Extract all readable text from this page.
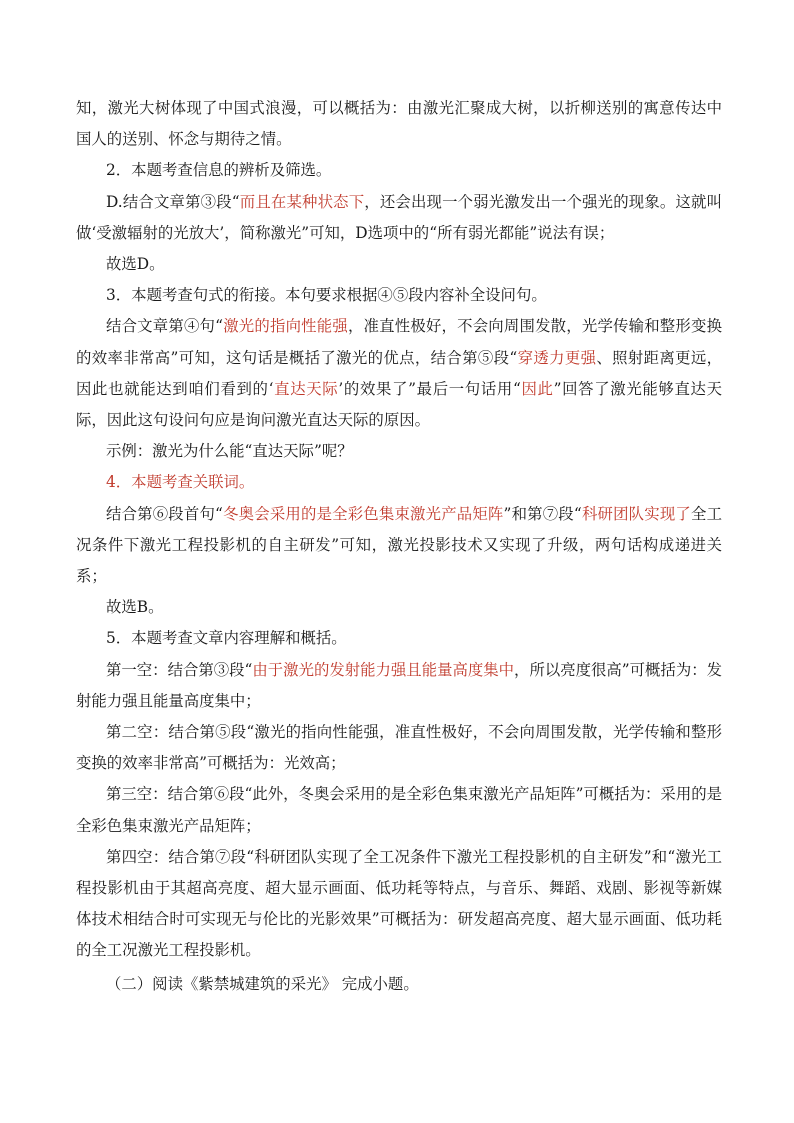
知，激光大树体现了中国式浪漫，可以概括为：由激光汇聚成大树，以折柳送别的寓意传达中国人的送别、怀念与期待之情。

2．本题考查信息的辨析及筛选。

D.结合文章第③段“而且在某种状态下，还会出现一个弱光激发出一个强光的现象。这就叫做‘受激辐射的光放大’，简称激光”可知，D选项中的“所有弱光都能”说法有误；

故选D。

3．本题考查句式的衔接。本句要求根据④⑤段内容补全设问句。

结合文章第④句“激光的指向性能强，准直性极好，不会向周围发散，光学传输和整形变换的效率非常高”可知，这句话是概括了激光的优点，结合第⑤段“穿透力更强、照射距离更远，因此也就能达到咱们看到的‘直达天际’的效果了”最后一句话用“因此”回答了激光能够直达天际，因此这句设问句应是询问激光直达天际的原因。

示例：激光为什么能“直达天际”呢？

4．本题考查关联词。

结合第⑥段首句“冬奥会采用的是全彩色集束激光产品矩阵”和第⑦段“科研团队实现了全工况条件下激光工程投影机的自主研发”可知，激光投影技术又实现了升级，两句话构成递进关系；

故选B。

5．本题考查文章内容理解和概括。

第一空：结合第③段“由于激光的发射能力强且能量高度集中，所以亮度很高”可概括为：发射能力强且能量高度集中；

第二空：结合第⑤段“激光的指向性能强，准直性极好，不会向周围发散，光学传输和整形变换的效率非常高”可概括为：光效高；

第三空：结合第⑥段“此外，冬奥会采用的是全彩色集束激光产品矩阵”可概括为：采用的是全彩色集束激光产品矩阵；

第四空：结合第⑦段“科研团队实现了全工况条件下激光工程投影机的自主研发”和“激光工程投影机由于其超高亮度、超大显示画面、低功耗等特点，与音乐、舞蹈、戏剧、影视等新媒体技术相结合时可实现无与伦比的光影效果”可概括为：研发超高亮度、超大显示画面、低功耗的全工况激光工程投影机。

（二）阅读《紫禁城建筑的采光》 完成小题。
